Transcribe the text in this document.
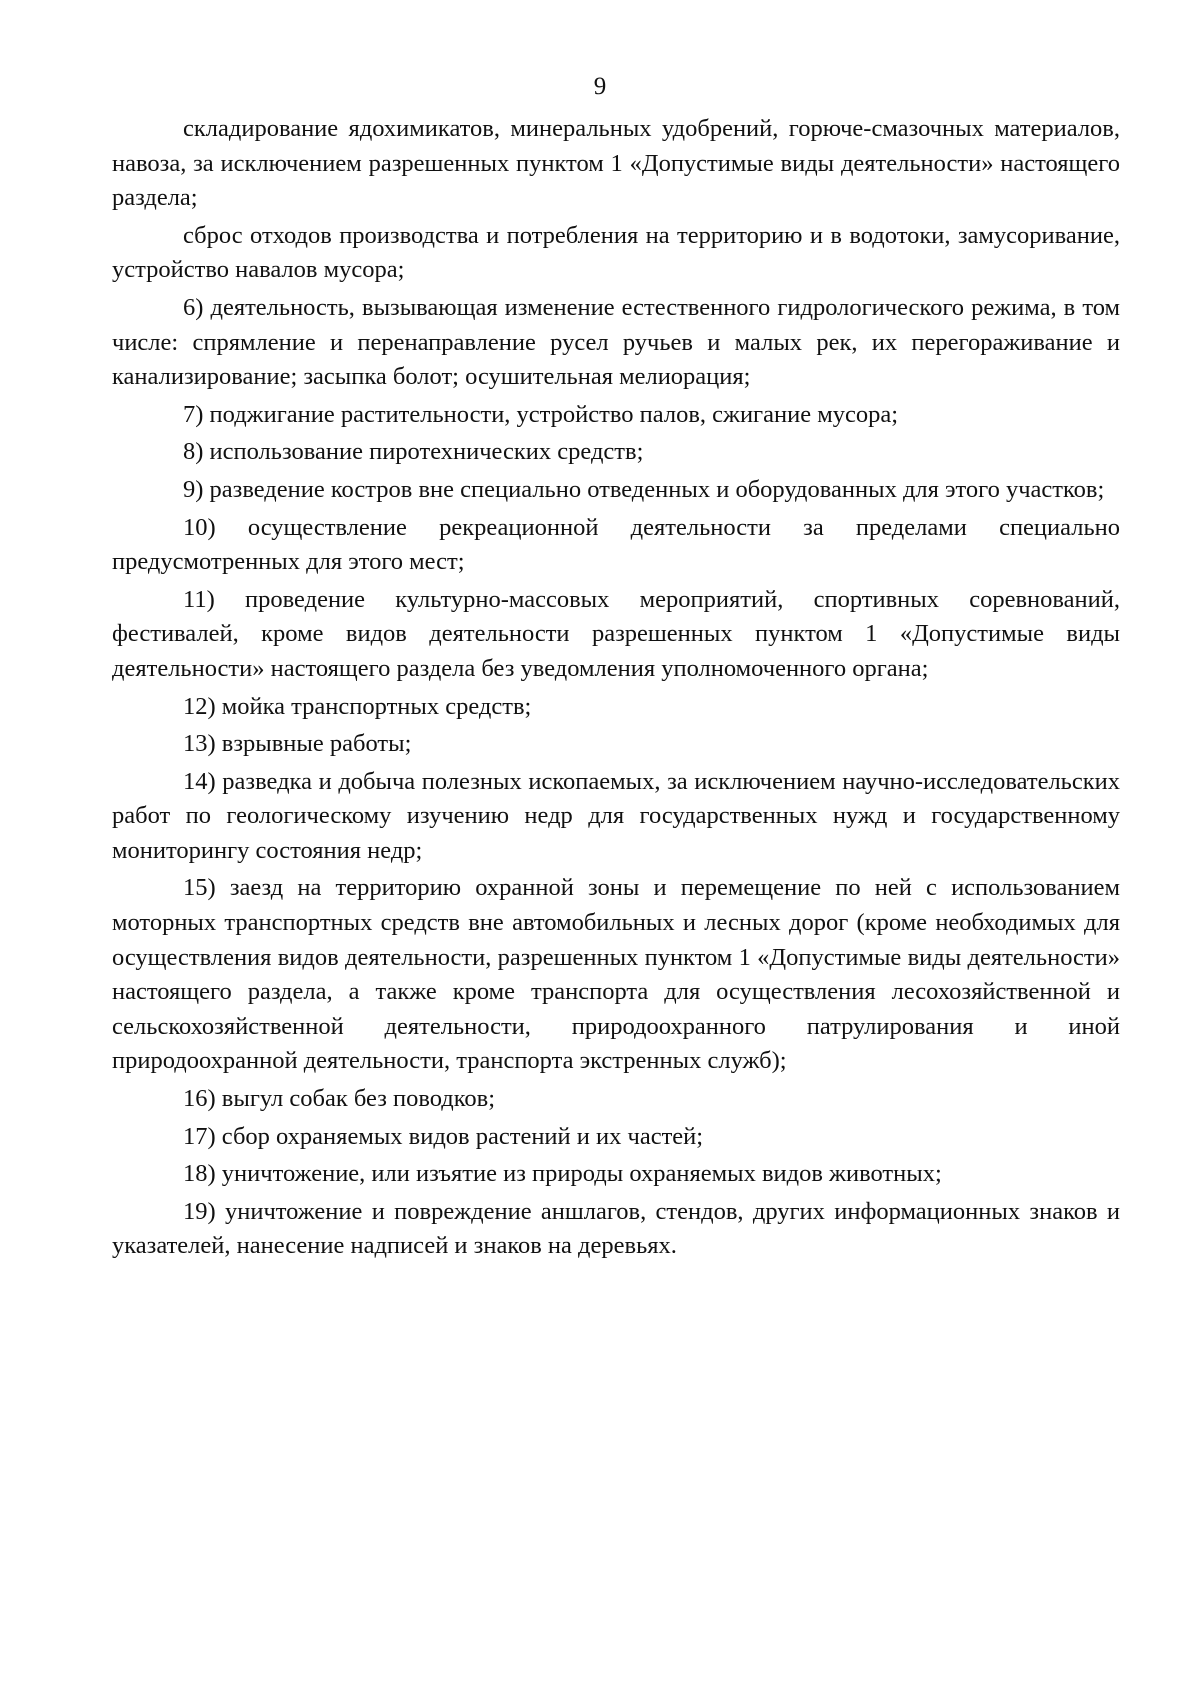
9

складирование ядохимикатов, минеральных удобрений, горюче-смазочных материалов, навоза, за исключением разрешенных пунктом 1 «Допустимые виды деятельности» настоящего раздела;

сброс отходов производства и потребления на территорию и в водотоки, замусоривание, устройство навалов мусора;

6) деятельность, вызывающая изменение естественного гидрологического режима, в том числе: спрямление и перенаправление русел ручьев и малых рек, их перегораживание и канализирование; засыпка болот; осушительная мелиорация;

7) поджигание растительности, устройство палов, сжигание мусора;

8) использование пиротехнических средств;

9) разведение костров вне специально отведенных и оборудованных для этого участков;

10) осуществление рекреационной деятельности за пределами специально предусмотренных для этого мест;

11) проведение культурно-массовых мероприятий, спортивных соревнований, фестивалей, кроме видов деятельности разрешенных пунктом 1 «Допустимые виды деятельности» настоящего раздела без уведомления уполномоченного органа;

12) мойка транспортных средств;

13) взрывные работы;

14) разведка и добыча полезных ископаемых, за исключением научно-исследовательских работ по геологическому изучению недр для государственных нужд и государственному мониторингу состояния недр;

15) заезд на территорию охранной зоны и перемещение по ней с использованием моторных транспортных средств вне автомобильных и лесных дорог (кроме необходимых для осуществления видов деятельности, разрешенных пунктом 1 «Допустимые виды деятельности» настоящего раздела, а также кроме транспорта для осуществления лесохозяйственной и сельскохозяйственной деятельности, природоохранного патрулирования и иной природоохранной деятельности, транспорта экстренных служб);

16) выгул собак без поводков;

17) сбор охраняемых видов растений и их частей;

18) уничтожение, или изъятие из природы охраняемых видов животных;

19) уничтожение и повреждение аншлагов, стендов, других информационных знаков и указателей, нанесение надписей и знаков на деревьях.
